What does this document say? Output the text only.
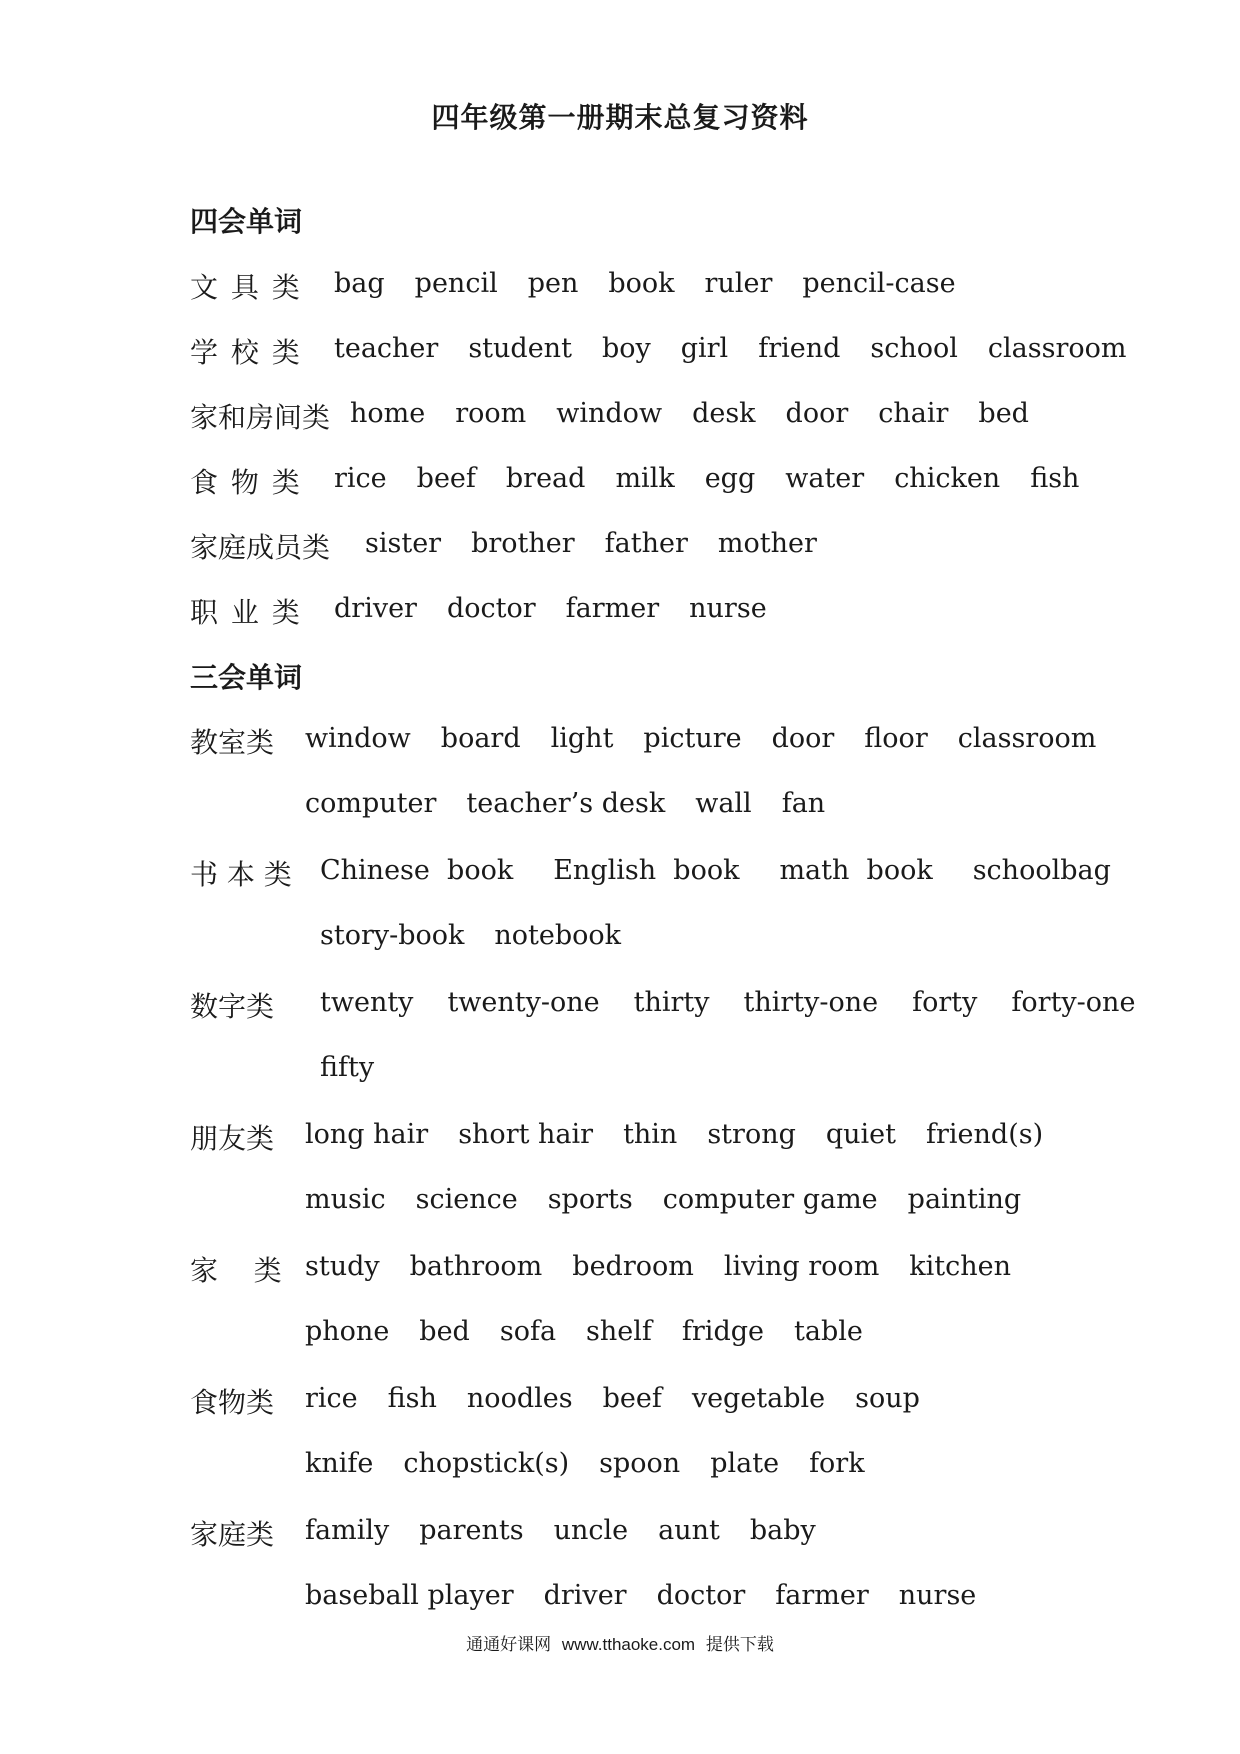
四年级第一册期末总复习资料
四会单词
文 具 类 bag pencil pen book ruler pencil-case
学 校 类 teacher student boy girl friend school classroom
家和房间类 home room window desk door chair bed
食 物 类 rice beef bread milk egg water chicken fish
家庭成员类 sister brother father mother
职 业 类 driver doctor farmer nurse
三会单词
教室类 window board light picture door floor classroom
computer teacher’s desk wall fan
书 本 类 Chinese  book English  book math  book schoolbag
story-book notebook
数字类 twenty twenty-one thirty thirty-one forty forty-one
fifty
朋友类 long hair short hair thin strong quiet friend(s)
music science sports computer game painting
家    类 study bathroom bedroom living room kitchen
phone bed sofa shelf fridge table
食物类 rice fish noodles beef vegetable soup
knife chopstick(s) spoon plate fork
家庭类 family parents uncle aunt baby
baseball player driver doctor farmer nurse
通通好课网 www.tthaoke.com 提供下载
